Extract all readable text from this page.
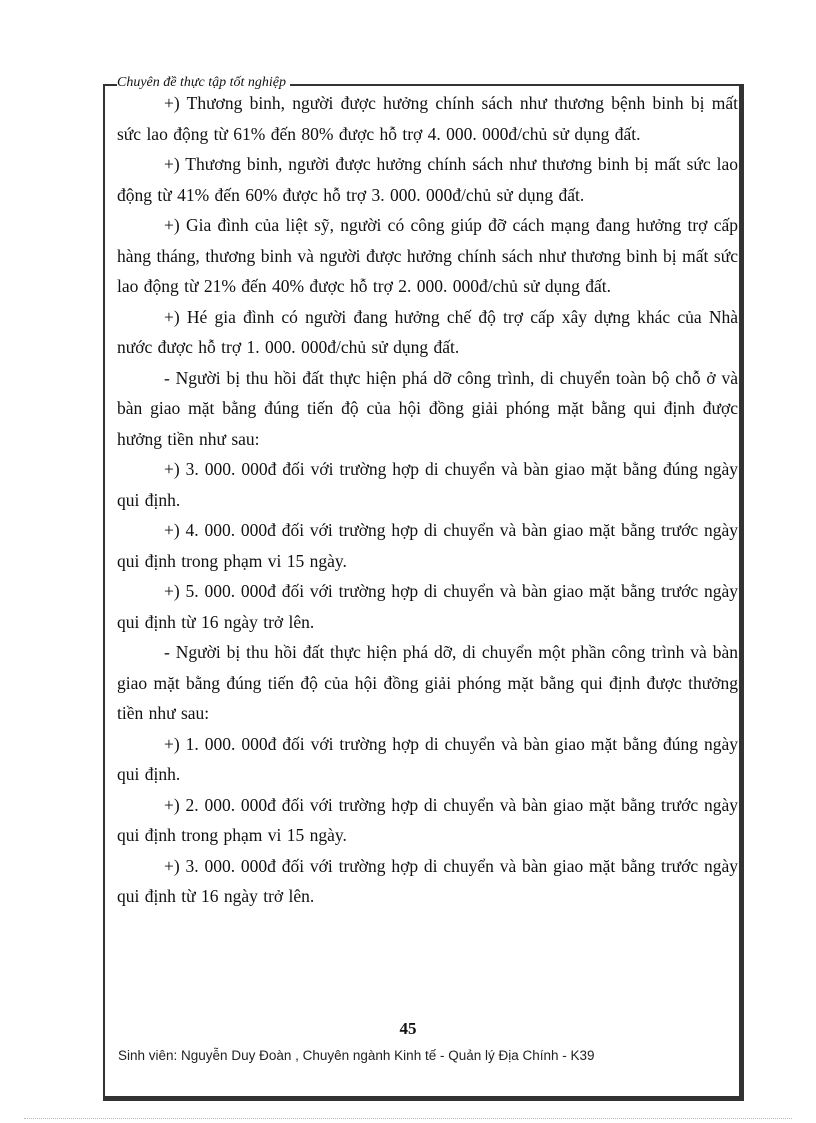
Chuyên đề thực tập tốt nghiệp

+) Thương binh, người được hưởng chính sách như thương bệnh binh bị mất sức lao động từ 61% đến 80% được hỗ trợ 4. 000. 000đ/chủ sử dụng đất.

+) Thương binh, người được hưởng chính sách như thương binh bị mất sức lao động từ 41% đến 60% được hỗ trợ 3. 000. 000đ/chủ sử dụng đất.

+) Gia đình của liệt sỹ, người có công giúp đỡ cách mạng đang hưởng trợ cấp hàng tháng, thương binh và người được hưởng chính sách như thương binh bị mất sức lao động từ 21% đến 40% được hỗ trợ 2. 000. 000đ/chủ sử dụng đất.

+) Hé gia đình có người đang hưởng chế độ trợ cấp xây dựng khác của Nhà nước được hỗ trợ 1. 000. 000đ/chủ sử dụng đất.

- Người bị thu hồi đất thực hiện phá dỡ công trình, di chuyển toàn bộ chỗ ở và bàn giao mặt bằng đúng tiến độ của hội đồng giải phóng mặt bằng qui định được hưởng tiền như sau:

+) 3. 000. 000đ đối với trường hợp di chuyển và bàn giao mặt bằng đúng ngày qui định.

+) 4. 000. 000đ đối với trường hợp di chuyển và bàn giao mặt bằng trước ngày qui định trong phạm vi 15 ngày.

+) 5. 000. 000đ đối với trường hợp di chuyển và bàn giao mặt bằng trước ngày qui định từ 16 ngày trở lên.

- Người bị thu hồi đất thực hiện phá dỡ, di chuyển một phần công trình và bàn giao mặt bằng đúng tiến độ của hội đồng giải phóng mặt bằng qui định được thưởng tiền như sau:

+) 1. 000. 000đ đối với trường hợp di chuyển và bàn giao mặt bằng đúng ngày qui định.

+) 2. 000. 000đ đối với trường hợp di chuyển và bàn giao mặt bằng trước ngày qui định trong phạm vi 15 ngày.

+) 3. 000. 000đ đối với trường hợp di chuyển và bàn giao mặt bằng trước ngày qui định từ 16 ngày trở lên.

45
Sinh viên: Nguyễn Duy Đoàn , Chuyên ngành Kinh tế - Quản lý Địa Chính - K39
